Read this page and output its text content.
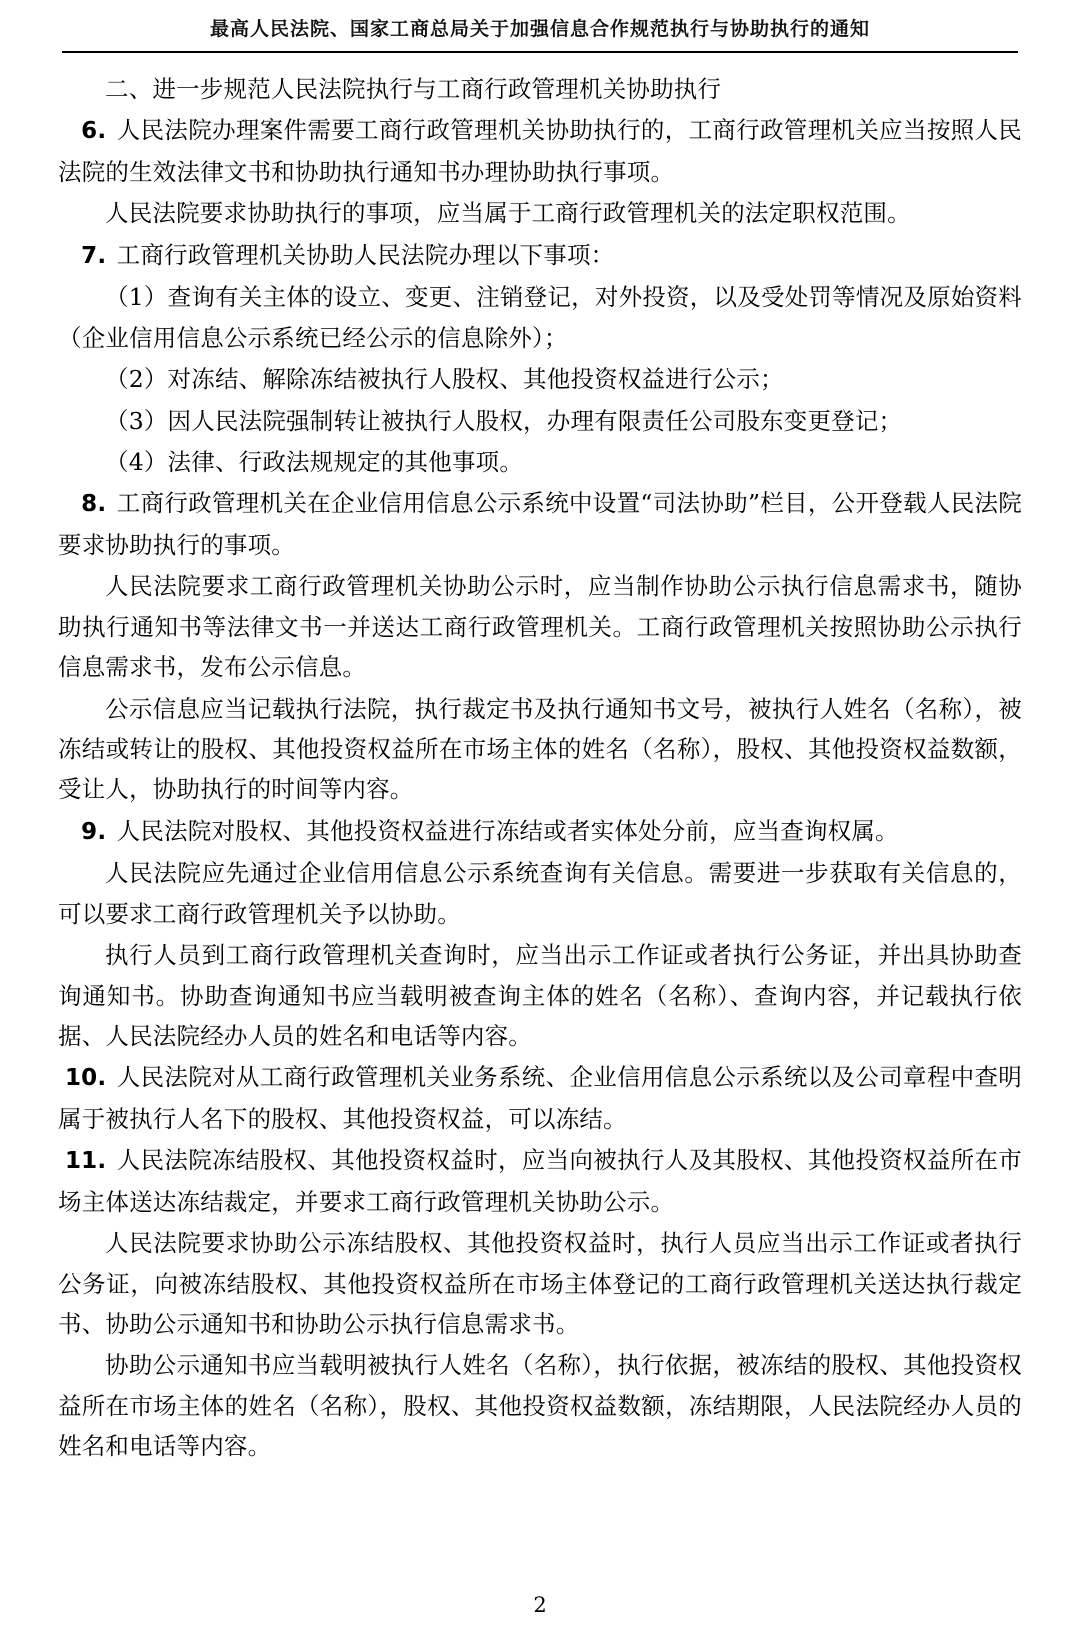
最高人民法院、国家工商总局关于加强信息合作规范执行与协助执行的通知

二、进一步规范人民法院执行与工商行政管理机关协助执行

6. 人民法院办理案件需要工商行政管理机关协助执行的，工商行政管理机关应当按照人民法院的生效法律文书和协助执行通知书办理协助执行事项。

人民法院要求协助执行的事项，应当属于工商行政管理机关的法定职权范围。

7. 工商行政管理机关协助人民法院办理以下事项：

（1）查询有关主体的设立、变更、注销登记，对外投资，以及受处罚等情况及原始资料（企业信用信息公示系统已经公示的信息除外）；

（2）对冻结、解除冻结被执行人股权、其他投资权益进行公示；

（3）因人民法院强制转让被执行人股权，办理有限责任公司股东变更登记；

（4）法律、行政法规规定的其他事项。

8. 工商行政管理机关在企业信用信息公示系统中设置“司法协助”栏目，公开登载人民法院要求协助执行的事项。

人民法院要求工商行政管理机关协助公示时，应当制作协助公示执行信息需求书，随协助执行通知书等法律文书一并送达工商行政管理机关。工商行政管理机关按照协助公示执行信息需求书，发布公示信息。

公示信息应当记载执行法院，执行裁定书及执行通知书文号，被执行人姓名（名称），被冻结或转让的股权、其他投资权益所在市场主体的姓名（名称），股权、其他投资权益数额，受让人，协助执行的时间等内容。

9. 人民法院对股权、其他投资权益进行冻结或者实体处分前，应当查询权属。

人民法院应先通过企业信用信息公示系统查询有关信息。需要进一步获取有关信息的，可以要求工商行政管理机关予以协助。

执行人员到工商行政管理机关查询时，应当出示工作证或者执行公务证，并出具协助查询通知书。协助查询通知书应当载明被查询主体的姓名（名称）、查询内容，并记载执行依据、人民法院经办人员的姓名和电话等内容。

10. 人民法院对从工商行政管理机关业务系统、企业信用信息公示系统以及公司章程中查明属于被执行人名下的股权、其他投资权益，可以冻结。

11. 人民法院冻结股权、其他投资权益时，应当向被执行人及其股权、其他投资权益所在市场主体送达冻结裁定，并要求工商行政管理机关协助公示。

人民法院要求协助公示冻结股权、其他投资权益时，执行人员应当出示工作证或者执行公务证，向被冻结股权、其他投资权益所在市场主体登记的工商行政管理机关送达执行裁定书、协助公示通知书和协助公示执行信息需求书。

协助公示通知书应当载明被执行人姓名（名称），执行依据，被冻结的股权、其他投资权益所在市场主体的姓名（名称），股权、其他投资权益数额，冻结期限，人民法院经办人员的姓名和电话等内容。

2
